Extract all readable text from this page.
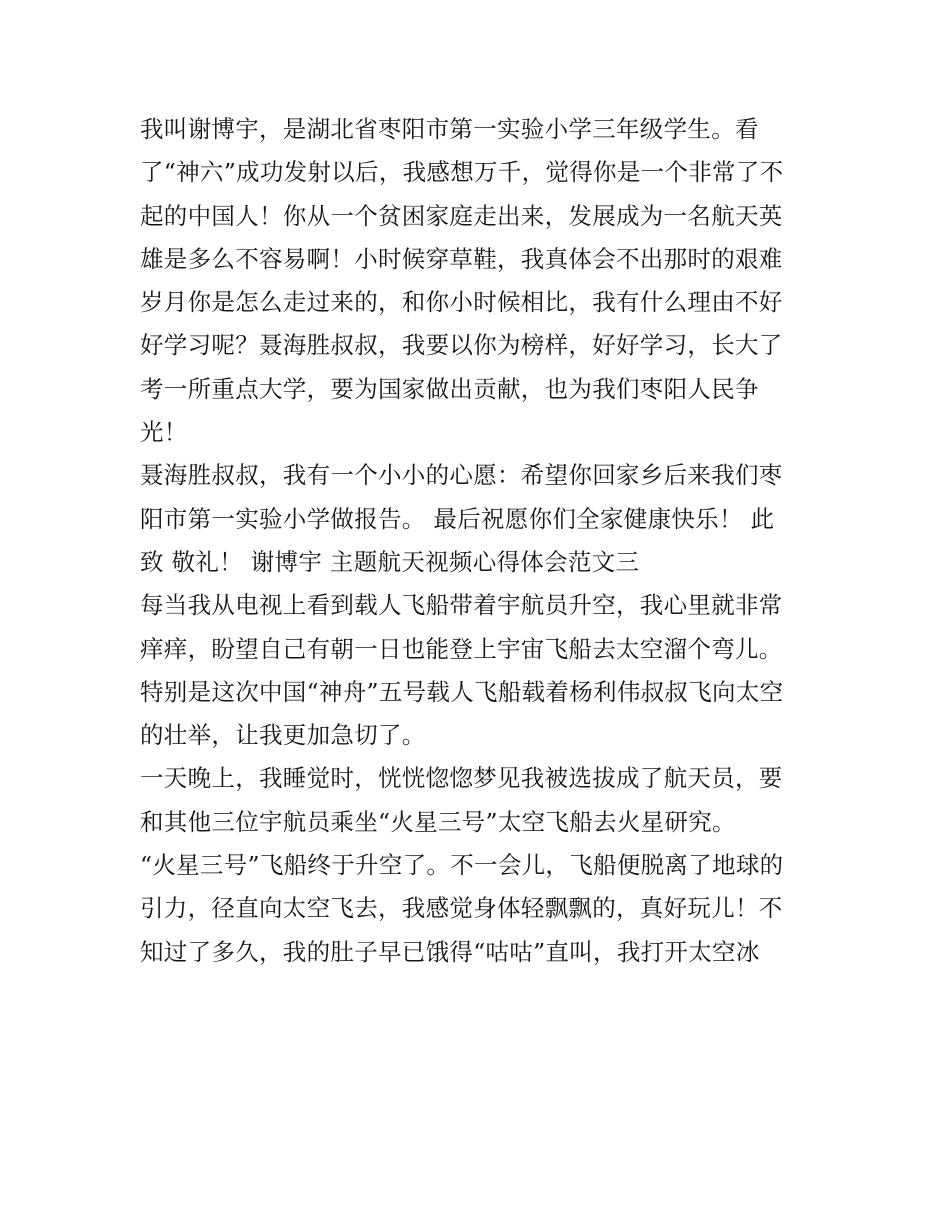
我叫谢博宇，是湖北省枣阳市第一实验小学三年级学生。看
了“神六”成功发射以后，我感想万千，觉得你是一个非常了不
起的中国人！你从一个贫困家庭走出来，发展成为一名航天英
雄是多么不容易啊！小时候穿草鞋，我真体会不出那时的艰难
岁月你是怎么走过来的，和你小时候相比，我有什么理由不好
好学习呢？聂海胜叔叔，我要以你为榜样，好好学习，长大了
考一所重点大学，要为国家做出贡献，也为我们枣阳人民争
光！
聂海胜叔叔，我有一个小小的心愿：希望你回家乡后来我们枣
阳市第一实验小学做报告。 最后祝愿你们全家健康快乐！ 此
致 敬礼！ 谢博宇 主题航天视频心得体会范文三
每当我从电视上看到载人飞船带着宇航员升空，我心里就非常
痒痒，盼望自己有朝一日也能登上宇宙飞船去太空溜个弯儿。
特别是这次中国“神舟”五号载人飞船载着杨利伟叔叔飞向太空
的壮举，让我更加急切了。
一天晚上，我睡觉时，恍恍惚惚梦见我被选拔成了航天员，要
和其他三位宇航员乘坐“火星三号”太空飞船去火星研究。
“火星三号”飞船终于升空了。不一会儿，飞船便脱离了地球的
引力，径直向太空飞去，我感觉身体轻飘飘的，真好玩儿！不
知过了多久，我的肚子早已饿得“咕咕”直叫，我打开太空冰
